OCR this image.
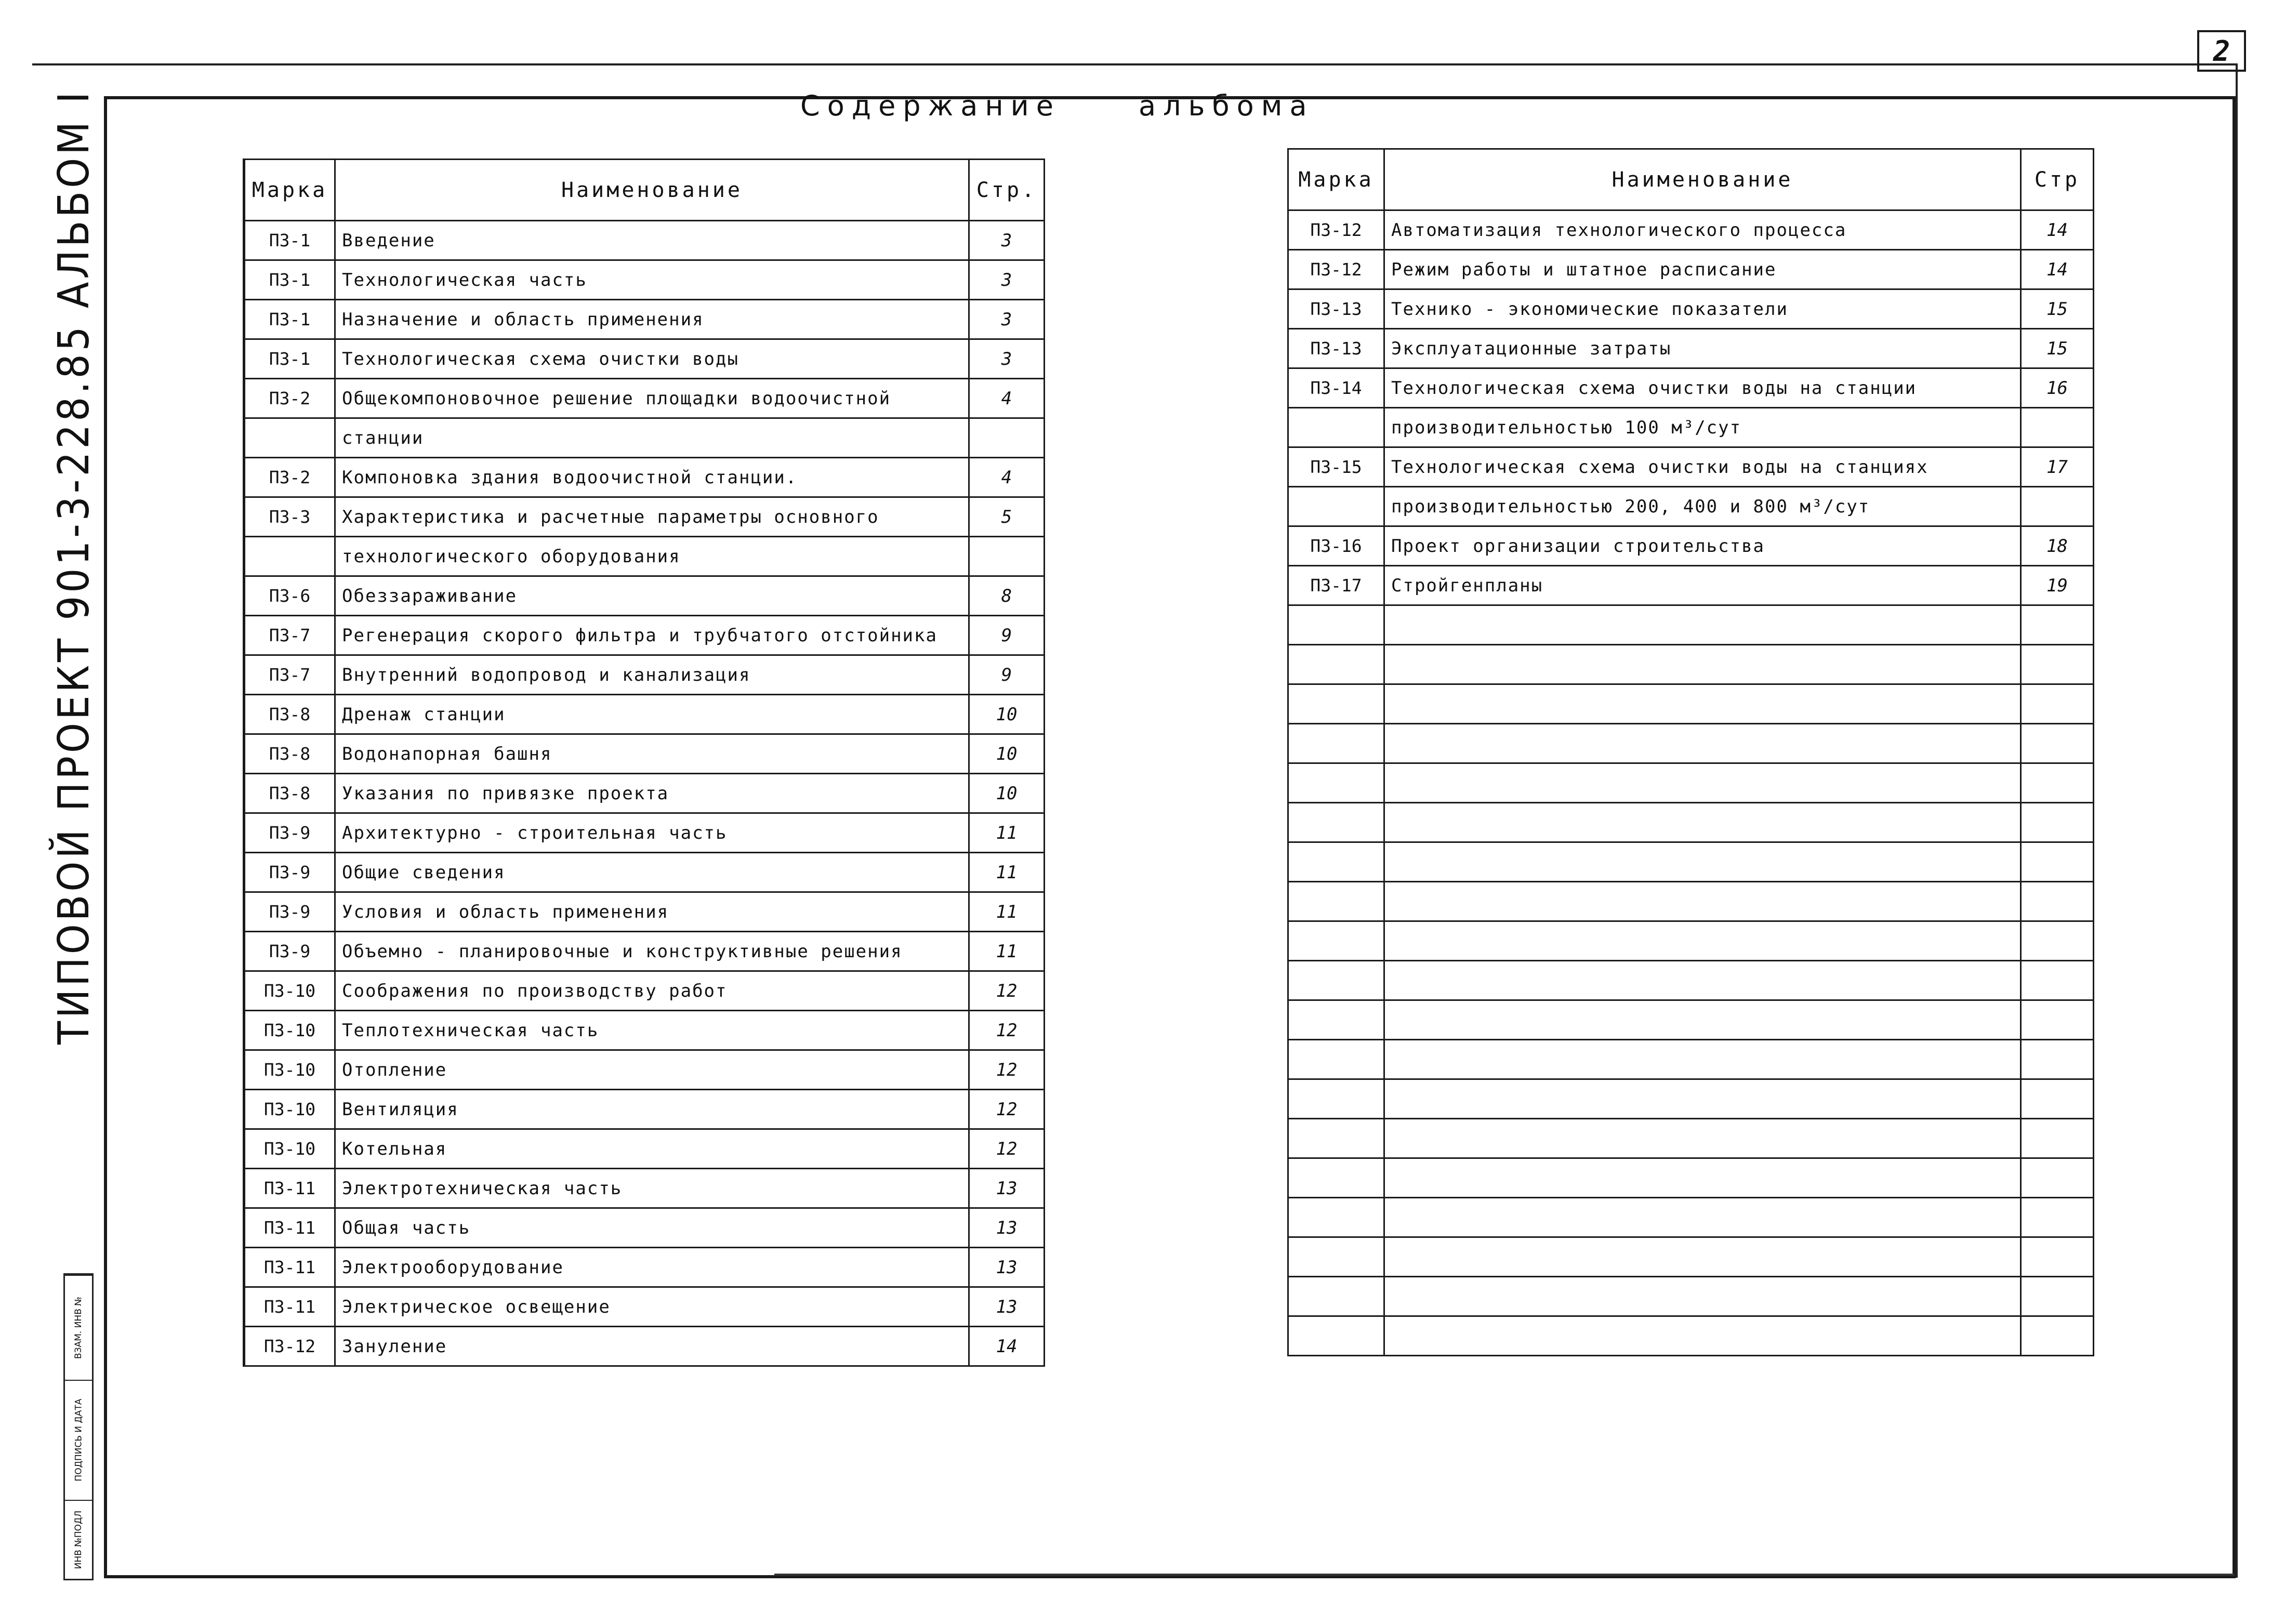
2
ТИПОВОЙ ПРОЕКТ 901-3-228.85 АЛЬБОМ I
ИНВ №ПОДЛ
ПОДПИСЬ И ДАТА
ВЗАМ. ИНВ №
Содержание	альбома
Марка	Наименование	Стр.
ПЗ-1	Введение	3
ПЗ-1	Технологическая часть	3
ПЗ-1	Назначение и область применения	3
ПЗ-1	Технологическая схема очистки воды	3
ПЗ-2	Общекомпоновочное решение площадки водоочистной	4
	станции	
ПЗ-2	Компоновка здания водоочистной станции.	4
ПЗ-3	Характеристика и расчетные параметры основного	5
	технологического оборудования	
ПЗ-6	Обеззараживание	8
ПЗ-7	Регенерация скорого фильтра и трубчатого отстойника	9
ПЗ-7	Внутренний водопровод и канализация	9
ПЗ-8	Дренаж станции	10
ПЗ-8	Водонапорная башня	10
ПЗ-8	Указания по привязке проекта	10
ПЗ-9	Архитектурно - строительная часть	11
ПЗ-9	Общие сведения	11
ПЗ-9	Условия и область применения	11
ПЗ-9	Объемно - планировочные и конструктивные решения	11
ПЗ-10	Соображения по производству работ	12
ПЗ-10	Теплотехническая часть	12
ПЗ-10	Отопление	12
ПЗ-10	Вентиляция	12
ПЗ-10	Котельная	12
ПЗ-11	Электротехническая часть	13
ПЗ-11	Общая часть	13
ПЗ-11	Электрооборудование	13
ПЗ-11	Электрическое освещение	13
ПЗ-12	Зануление	14
Марка	Наименование	Стр
ПЗ-12	Автоматизация технологического процесса	14
ПЗ-12	Режим работы и штатное расписание	14
ПЗ-13	Технико - экономические показатели	15
ПЗ-13	Эксплуатационные затраты	15
ПЗ-14	Технологическая схема очистки воды на станции	16
	производительностью 100 м³/сут	
ПЗ-15	Технологическая схема очистки воды на станциях	17
	производительностью 200, 400 и 800 м³/сут	
ПЗ-16	Проект организации строительства	18
ПЗ-17	Стройгенпланы	19
